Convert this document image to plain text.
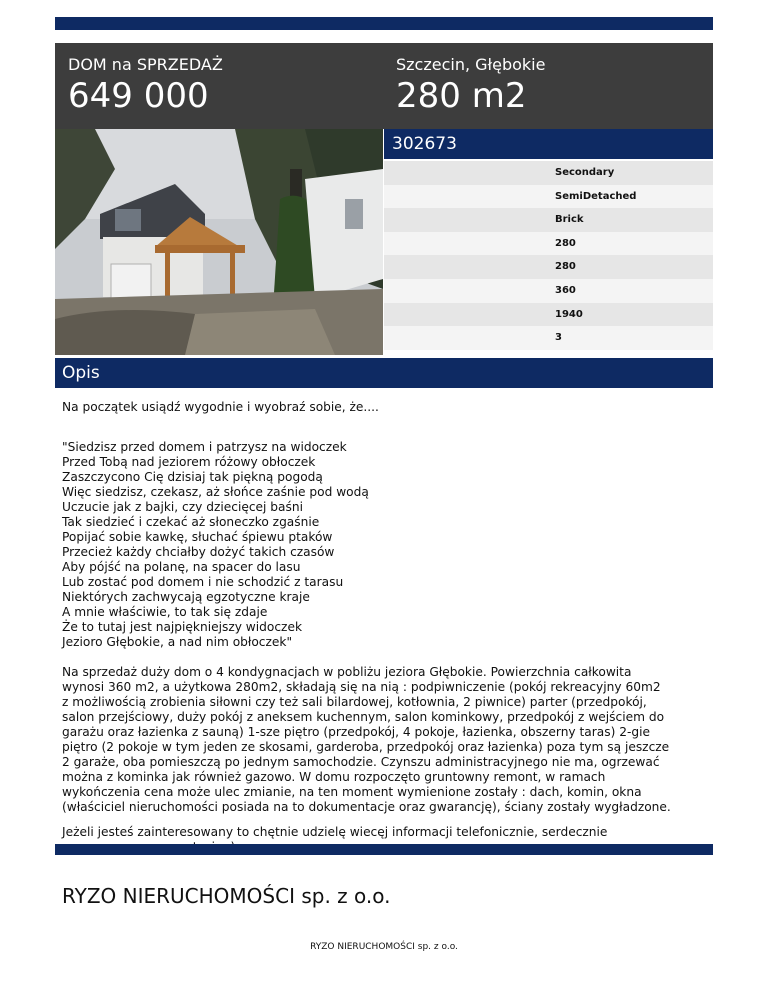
DOM na SPRZEDAŻ
649 000
Szczecin, Głębokie
280 m2
302673
Secondary
SemiDetached
Brick
280
280
360
1940
3
Opis
Na początek usiądź wygodnie i wyobraź sobie, że....

"Siedzisz przed domem i patrzysz na widoczek
Przed Tobą nad jeziorem różowy obłoczek
Zaszczycono Cię dzisiaj tak piękną pogodą
Więc siedzisz, czekasz, aż słońce zaśnie pod wodą
Uczucie jak z bajki, czy dziecięcej baśni
Tak siedzieć i czekać aż słoneczko zgaśnie
Popijać sobie kawkę, słuchać śpiewu ptaków
Przecież każdy chciałby dożyć takich czasów
Aby pójść na polanę, na spacer do lasu
Lub zostać pod domem i nie schodzić z tarasu
Niektórych zachwycają egzotyczne kraje
A mnie właściwie, to tak się zdaje
Że to tutaj jest najpiękniejszy widoczek
Jezioro Głębokie, a nad nim obłoczek"

Na sprzedaż duży dom o 4 kondygnacjach w pobliżu jeziora Głębokie. Powierzchnia całkowita
wynosi 360 m2, a użytkowa 280m2, składają się na nią : podpiwniczenie (pokój rekreacyjny 60m2
z możliwością zrobienia siłowni czy też sali bilardowej, kotłownia, 2 piwnice) parter (przedpokój,
salon przejściowy, duży pokój z aneksem kuchennym, salon kominkowy, przedpokój z wejściem do
garażu oraz łazienka z sauną) 1-sze piętro (przedpokój, 4 pokoje, łazienka, obszerny taras) 2-gie
piętro (2 pokoje w tym jeden ze skosami, garderoba, przedpokój oraz łazienka) poza tym są jeszcze
2 garaże, oba pomieszczą po jednym samochodzie. Czynszu administracyjnego nie ma, ogrzewać
można z kominka jak również gazowo. W domu rozpoczęto gruntowny remont, w ramach
wykończenia cena może ulec zmianie, na ten moment wymienione zostały : dach, komin, okna
(właściciel nieruchomości posiada na to dokumentacje oraz gwarancję), ściany zostały wygładzone.

Jeżeli jesteś zainteresowany to chętnie udzielę wiecęj informacji telefonicznie, serdecznie

RYZO NIERUCHOMOŚCI sp. z o.o.
RYZO NIERUCHOMOŚCI sp. z o.o.
